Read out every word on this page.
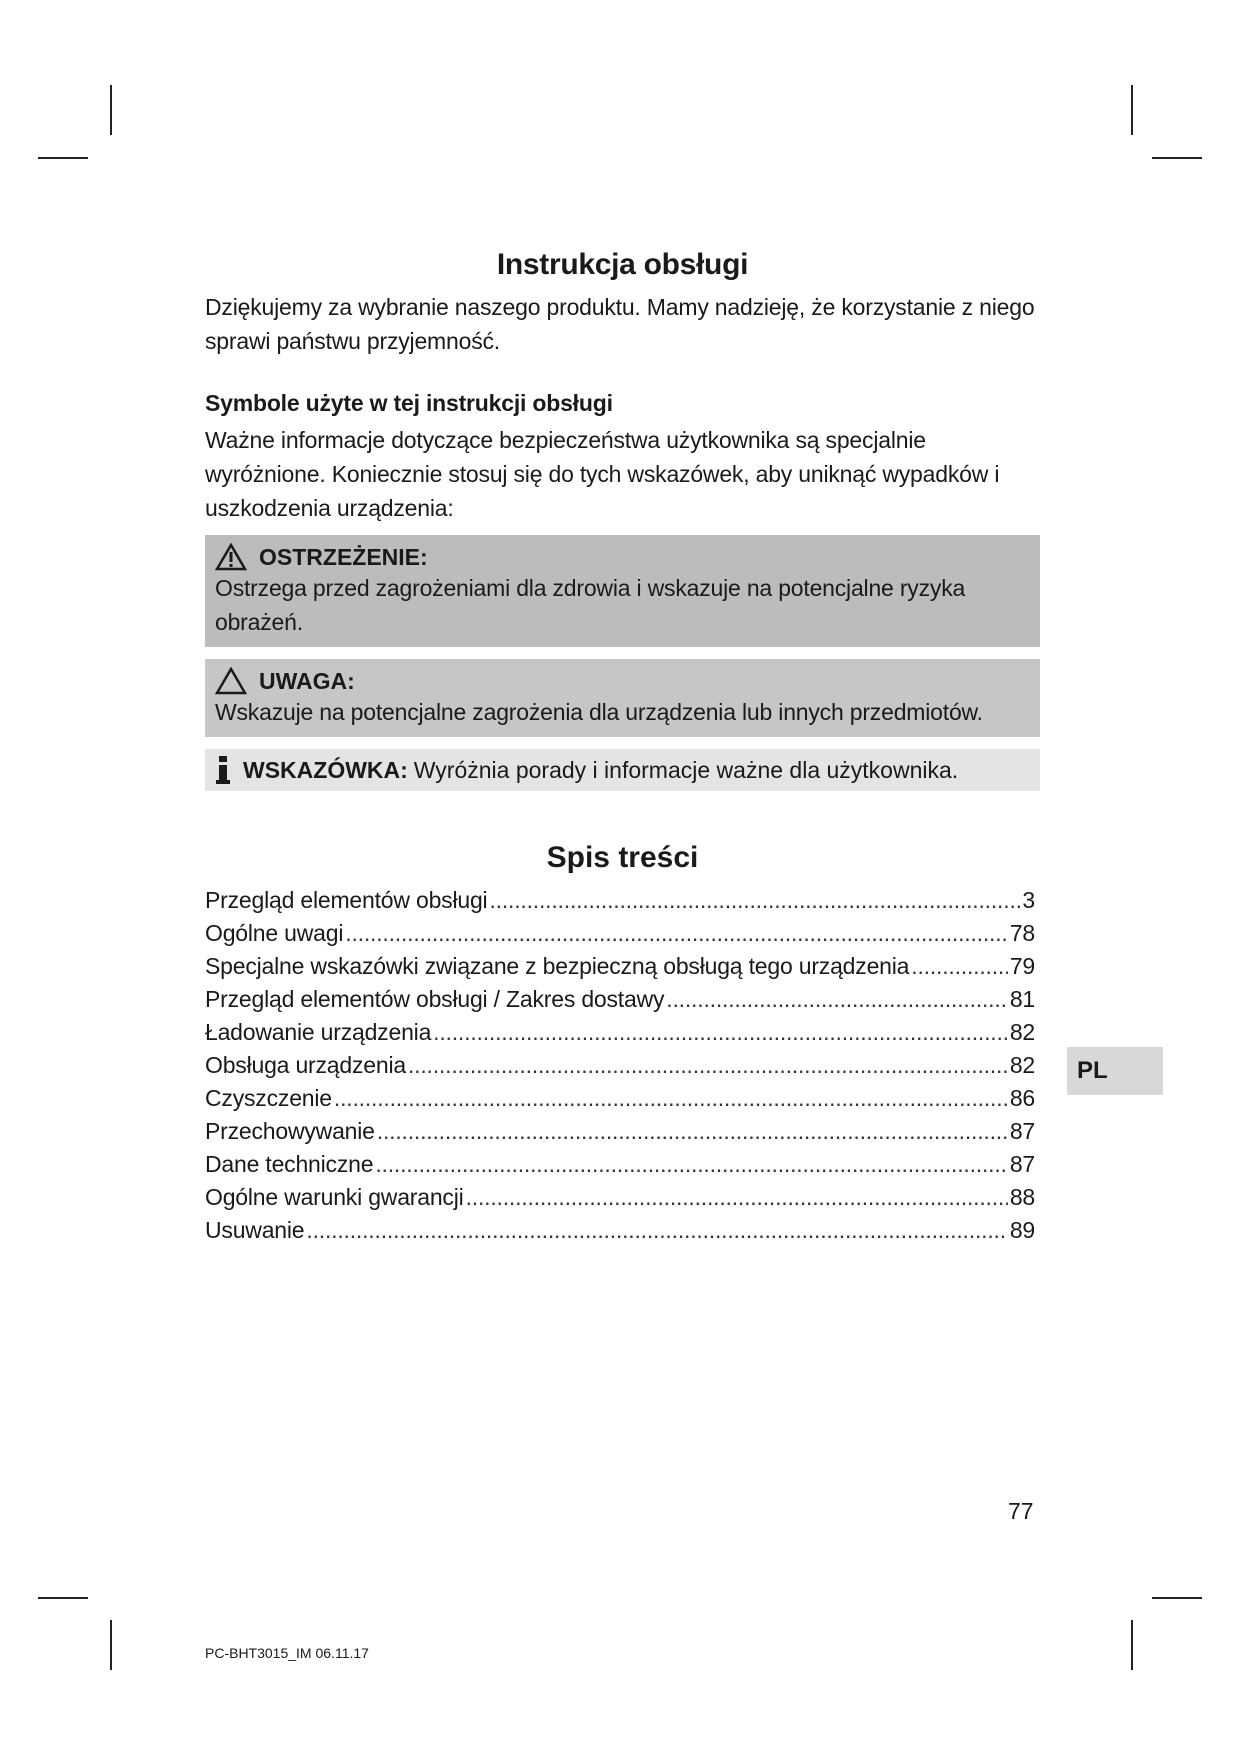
Instrukcja obsługi

Dziękujemy za wybranie naszego produktu. Mamy nadzieję, że korzystanie z niego sprawi państwu przyjemność.

Symbole użyte w tej instrukcji obsługi

Ważne informacje dotyczące bezpieczeństwa użytkownika są specjalnie wyróżnione. Koniecznie stosuj się do tych wskazówek, aby uniknąć wypadków i uszkodzenia urządzenia:

OSTRZEŻENIE:
Ostrzega przed zagrożeniami dla zdrowia i wskazuje na potencjalne ryzyka obrażeń.
UWAGA:
Wskazuje na potencjalne zagrożenia dla urządzenia lub innych przedmiotów.
WSKAZÓWKA: Wyróżnia porady i informacje ważne dla użytkownika.
Spis treści
Przegląd elementów obsługi .....	3
Ogólne uwagi .....	78
Specjalne wskazówki związane z bezpieczną obsługą tego urządzenia .....	79
Przegląd elementów obsługi / Zakres dostawy .....	81
Ładowanie urządzenia .....	82
Obsługa urządzenia .....	82
Czyszczenie .....	86
Przechowywanie .....	87
Dane techniczne .....	87
Ogólne warunki gwarancji .....	88
Usuwanie .....	89
PL
77
PC-BHT3015_IM 06.11.17
